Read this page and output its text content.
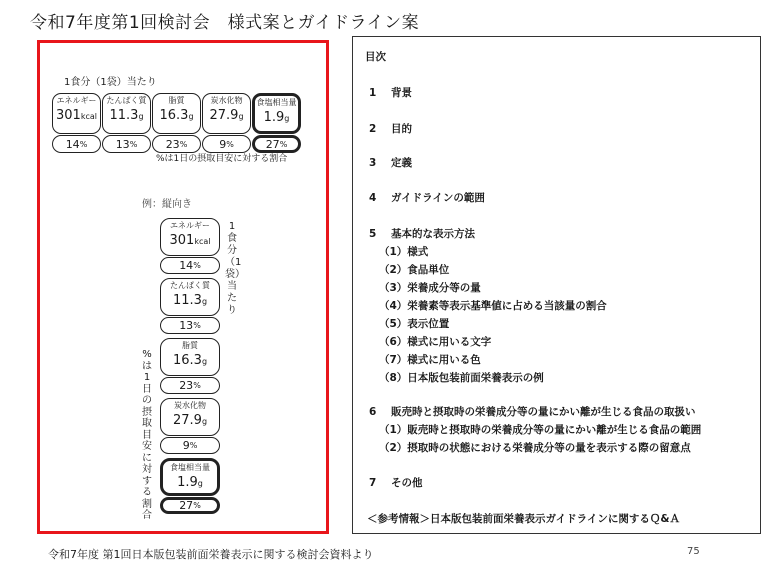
令和7年度第1回検討会　様式案とガイドライン案
1食分（1袋）当たり
エネルギー
301kcal
14 %
たんぱく質
11.3g
13 %
脂質
16.3g
23 %
炭水化物
27.9g
9 %
食塩相当量
1.9g
27 %
%は1日の摂取目安に対する割合
例：縦向き
エネルギー
301kcal
14 %
たんぱく質
11.3g
13 %
脂質
16.3g
23 %
炭水化物
27.9g
9 %
食塩相当量
1.9g
27 %
1食分（1袋）当たり
%は1日の摂取目安に対する割合
目次
1 背景
2 目的
3 定義
4 ガイドラインの範囲
5 基本的な表示方法
（1）様式
（2）食品単位
（3）栄養成分等の量
（4）栄養素等表示基準値に占める当該量の割合
（5）表示位置
（6）様式に用いる文字
（7）様式に用いる色
（8）日本版包装前面栄養表示の例
6 販売時と摂取時の栄養成分等の量にかい離が生じる食品の取扱い
（1）販売時と摂取時の栄養成分等の量にかい離が生じる食品の範囲
（2）摂取時の状態における栄養成分等の量を表示する際の留意点
7 その他
＜参考情報＞日本版包装前面栄養表示ガイドラインに関するＱ&Ａ
令和7年度 第1回日本版包装前面栄養表示に関する検討会資料より	75
